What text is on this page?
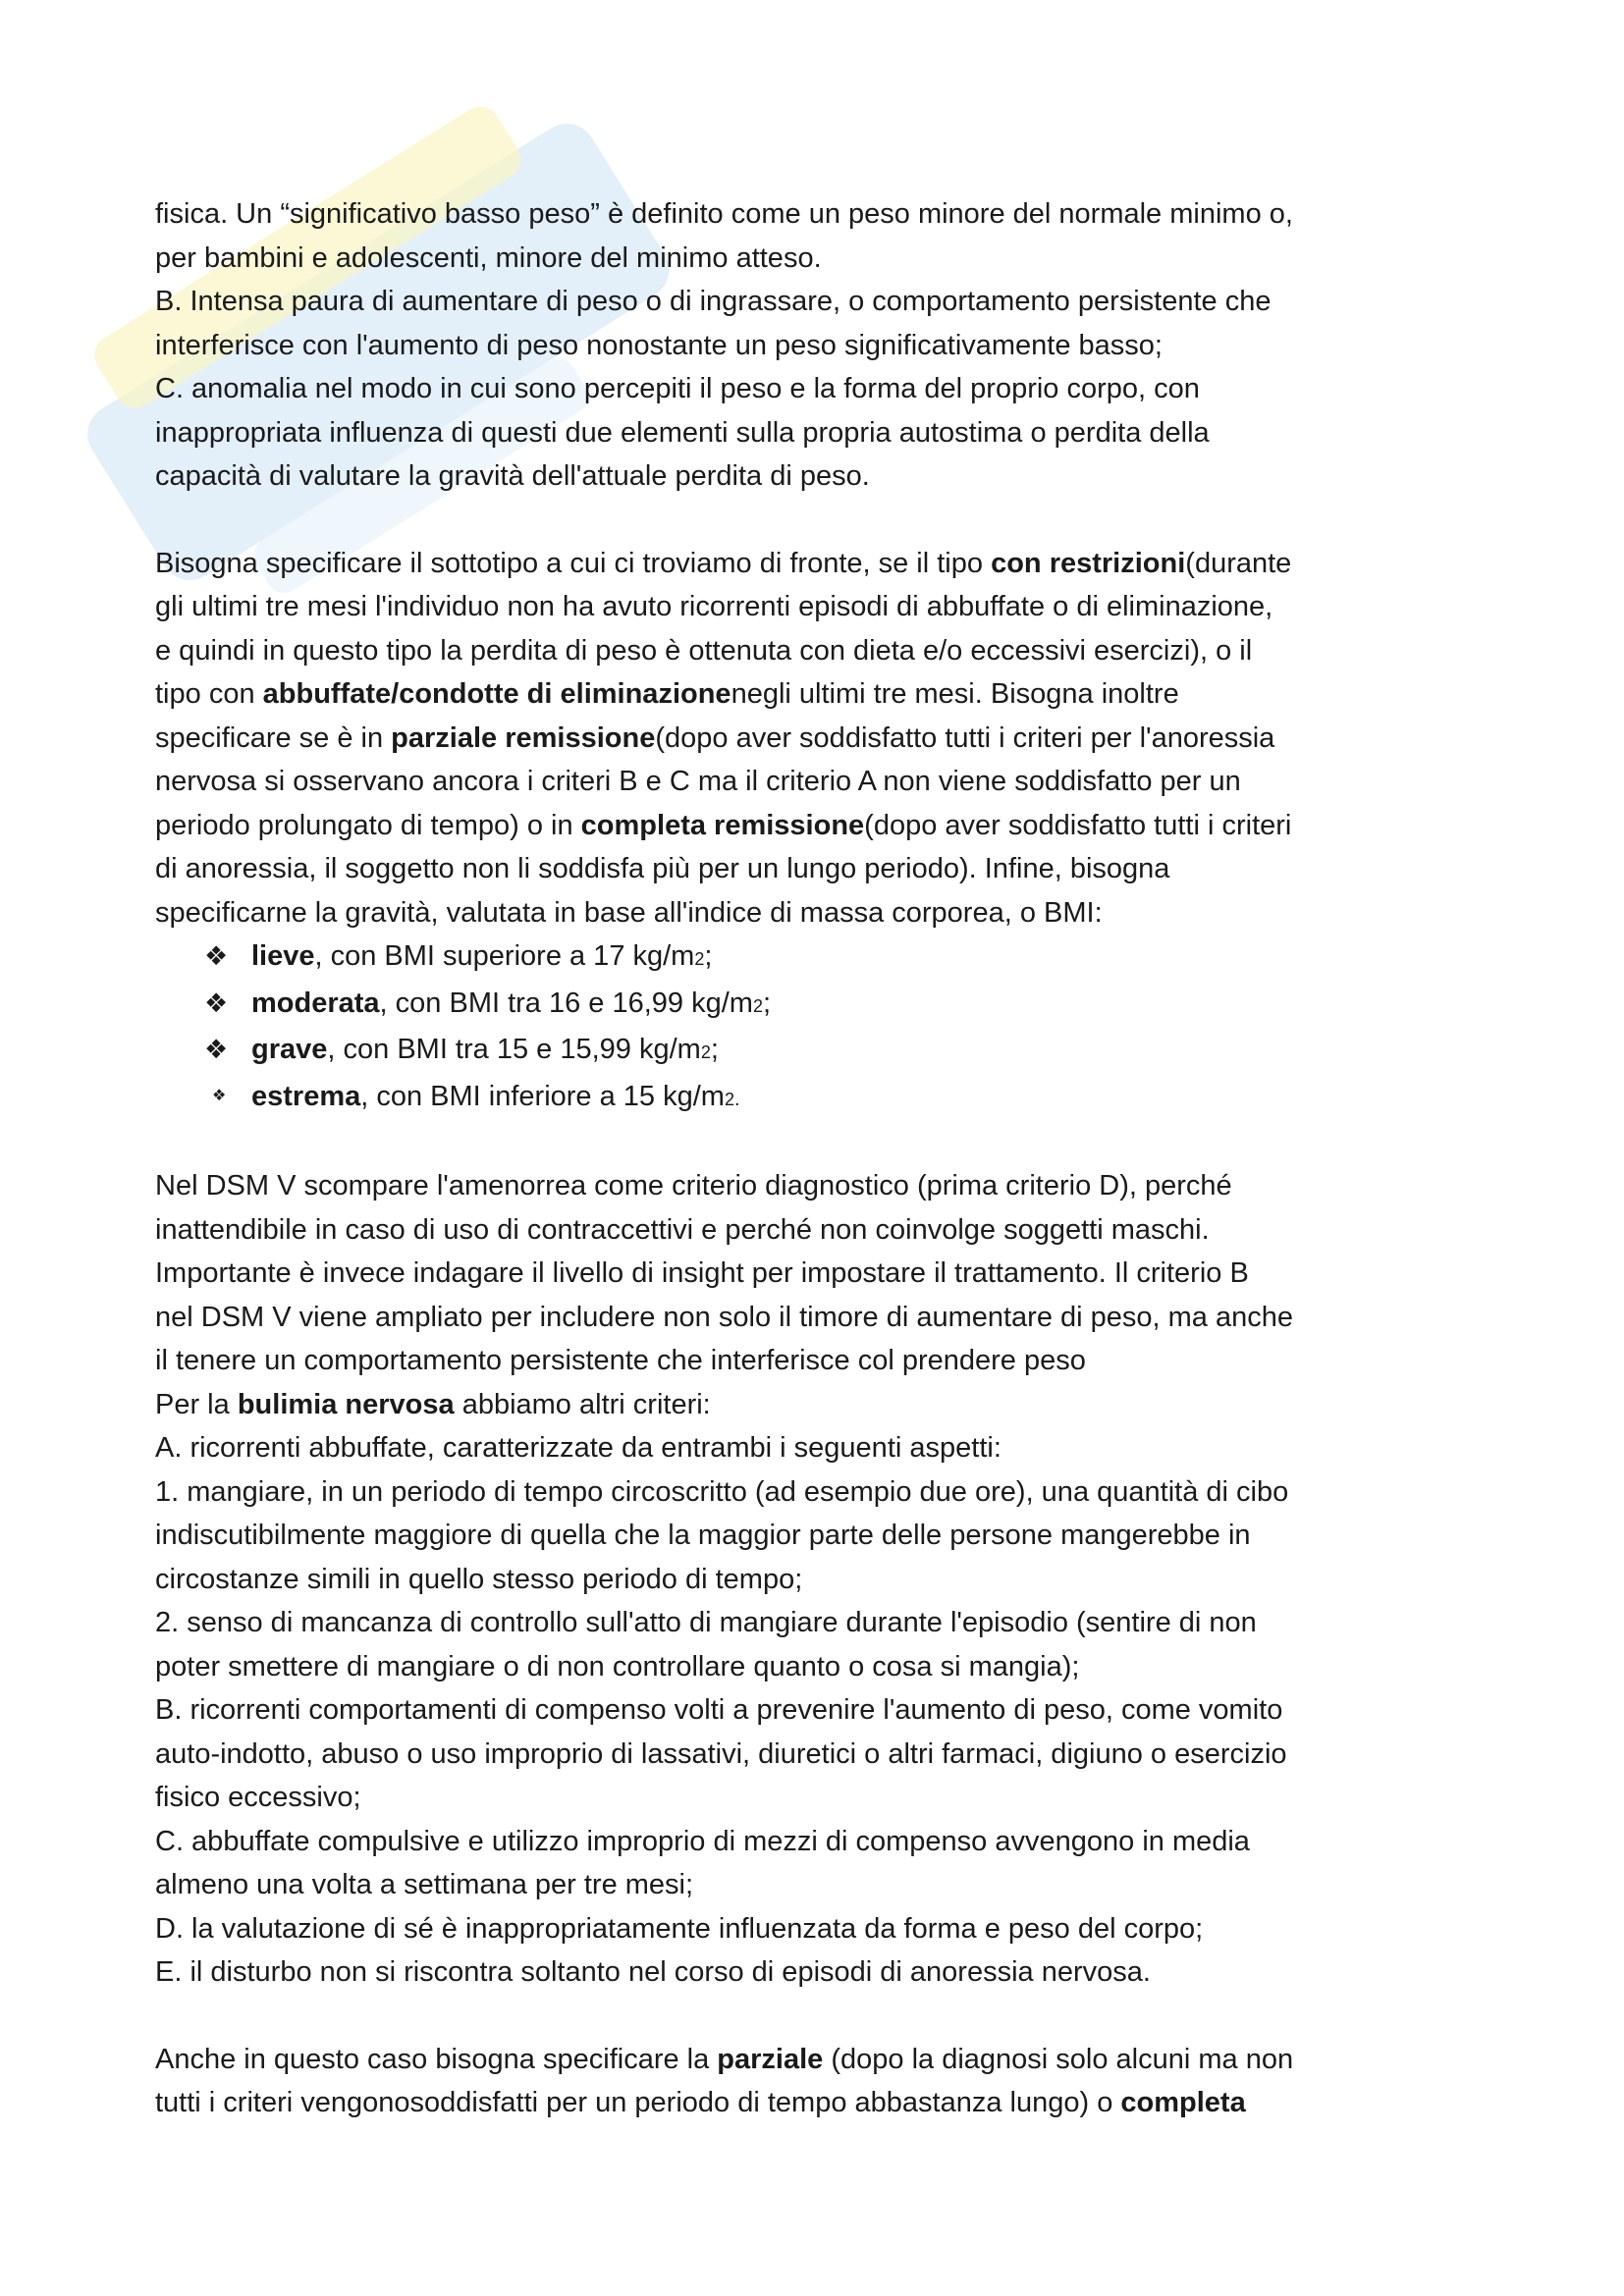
fisica. Un “significativo basso peso” è definito come un peso minore del normale minimo o,

per bambini e adolescenti, minore del minimo atteso.

B. Intensa paura di aumentare di peso o di ingrassare, o comportamento persistente che

interferisce con l'aumento di peso nonostante un peso significativamente basso;

C. anomalia nel modo in cui sono percepiti il peso e la forma del proprio corpo, con

inappropriata influenza di questi due elementi sulla propria autostima o perdita della

capacità di valutare la gravità dell'attuale perdita di peso.

Bisogna specificare il sottotipo a cui ci troviamo di fronte, se il tipo con restrizioni(durante

gli ultimi tre mesi l'individuo non ha avuto ricorrenti episodi di abbuffate o di eliminazione,

e quindi in questo tipo la perdita di peso è ottenuta con dieta e/o eccessivi esercizi), o il

tipo con abbuffate/condotte di eliminazionenegli ultimi tre mesi. Bisogna inoltre

specificare se è in parziale remissione(dopo aver soddisfatto tutti i criteri per l'anoressia

nervosa si osservano ancora i criteri B e C ma il criterio A non viene soddisfatto per un

periodo prolungato di tempo) o in completa remissione(dopo aver soddisfatto tutti i criteri

di anoressia, il soggetto non li soddisfa più per un lungo periodo). Infine, bisogna

specificarne la gravità, valutata in base all'indice di massa corporea, o BMI:

❖ lieve, con BMI superiore a 17 kg/m2;
❖ moderata, con BMI tra 16 e 16,99 kg/m2;
❖ grave, con BMI tra 15 e 15,99 kg/m2;
❖ estrema, con BMI inferiore a 15 kg/m2.

Nel DSM V scompare l'amenorrea come criterio diagnostico (prima criterio D), perché

inattendibile in caso di uso di contraccettivi e perché non coinvolge soggetti maschi.

Importante è invece indagare il livello di insight per impostare il trattamento. Il criterio B

nel DSM V viene ampliato per includere non solo il timore di aumentare di peso, ma anche

il tenere un comportamento persistente che interferisce col prendere peso

Per la bulimia nervosa abbiamo altri criteri:

A. ricorrenti abbuffate, caratterizzate da entrambi i seguenti aspetti:

1. mangiare, in un periodo di tempo circoscritto (ad esempio due ore), una quantità di cibo

indiscutibilmente maggiore di quella che la maggior parte delle persone mangerebbe in

circostanze simili in quello stesso periodo di tempo;

2. senso di mancanza di controllo sull'atto di mangiare durante l'episodio (sentire di non

poter smettere di mangiare o di non controllare quanto o cosa si mangia);

B. ricorrenti comportamenti di compenso volti a prevenire l'aumento di peso, come vomito

auto-indotto, abuso o uso improprio di lassativi, diuretici o altri farmaci, digiuno o esercizio

fisico eccessivo;

C. abbuffate compulsive e utilizzo improprio di mezzi di compenso avvengono in media

almeno una volta a settimana per tre mesi;

D. la valutazione di sé è inappropriatamente influenzata da forma e peso del corpo;

E. il disturbo non si riscontra soltanto nel corso di episodi di anoressia nervosa.

Anche in questo caso bisogna specificare la parziale (dopo la diagnosi solo alcuni ma non

tutti i criteri vengonosoddisfatti per un periodo di tempo abbastanza lungo) o completa
